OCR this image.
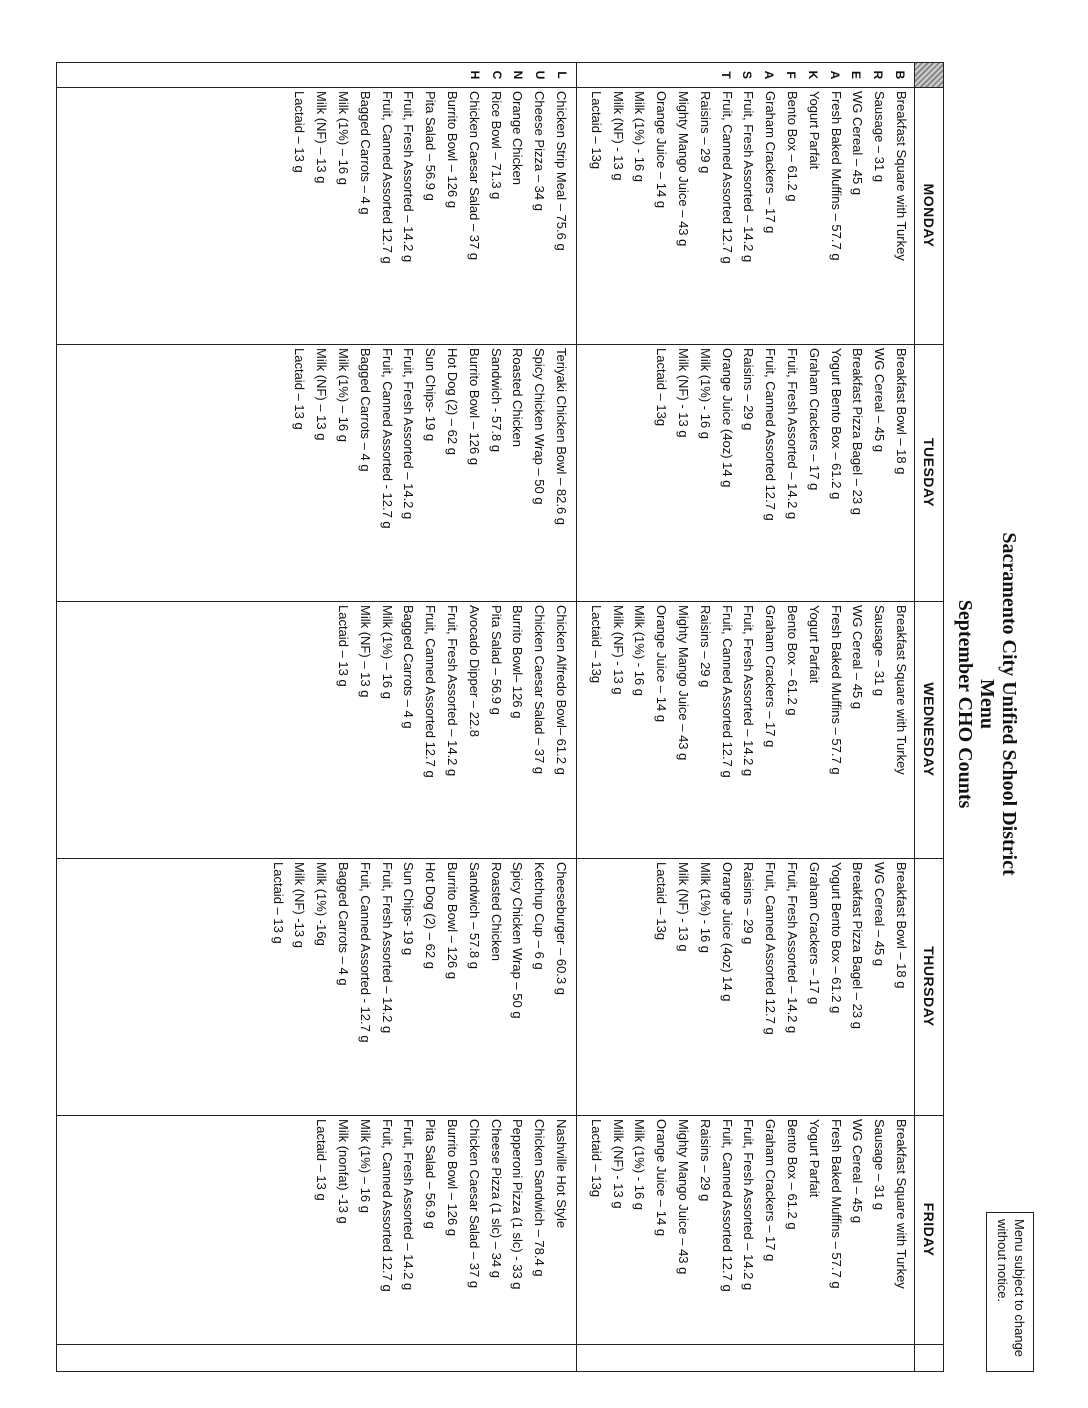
Sacramento City Unified School District
Menu
September CHO Counts
Menu subject to change without notice.
B
R
E
A
K
F
A
S
T
L
U
N
C
H
MONDAY
Breakfast Square with Turkey
Sausage – 31 g
WG Cereal – 45 g
Fresh Baked Muffins – 57.7 g
Yogurt Parfait
Bento Box – 61.2 g
Graham Crackers – 17 g
Fruit, Fresh Assorted – 14.2 g
Fruit, Canned Assorted 12.7 g
Raisins – 29 g
Mighty Mango Juice – 43 g
Orange Juice – 14 g
Milk (1%) - 16 g
Milk (NF) - 13 g
Lactaid – 13g
Chicken Strip Meal – 75.6 g
Cheese Pizza – 34 g
Orange Chicken
Rice Bowl – 71.3 g
Chicken Caesar Salad – 37 g
Burrito Bowl – 126 g
Pita Salad – 56.9 g
Fruit, Fresh Assorted – 14.2 g
Fruit, Canned Assorted 12.7 g
Bagged Carrots – 4 g
Milk (1%) – 16 g
Milk (NF) – 13 g
Lactaid – 13 g
TUESDAY
Breakfast Bowl – 18 g
WG Cereal – 45 g
Breakfast Pizza Bagel – 23 g
Yogurt Bento Box – 61.2 g
Graham Crackers – 17 g
Fruit, Fresh Assorted – 14.2 g
Fruit, Canned Assorted 12.7 g
Raisins – 29 g
Orange Juice (4oz) 14 g
Milk (1%) - 16 g
Milk (NF) - 13 g
Lactaid – 13g
Teriyaki Chicken Bowl – 82.6 g
Spicy Chicken Wrap – 50 g
Roasted Chicken
Sandwich - 57.8 g
Burrito Bowl – 126 g
Hot Dog (2) – 62 g
Sun Chips- 19 g
Fruit, Fresh Assorted – 14.2 g
Fruit, Canned Assorted - 12.7 g
Bagged Carrots – 4 g
Milk (1%) – 16 g
Milk (NF) – 13 g
Lactaid – 13 g
WEDNESDAY
Breakfast Square with Turkey
Sausage – 31 g
WG Cereal – 45 g
Fresh Baked Muffins – 57.7 g
Yogurt Parfait
Bento Box – 61.2 g
Graham Crackers – 17 g
Fruit, Fresh Assorted – 14.2 g
Fruit, Canned Assorted 12.7 g
Raisins – 29 g
Mighty Mango Juice – 43 g
Orange Juice – 14 g
Milk (1%) - 16 g
Milk (NF) - 13 g
Lactaid – 13g
Chicken Alfredo Bowl– 61.2 g
Chicken Caesar Salad – 37 g
Burrito Bowl– 126 g
Pita Salad – 56.9 g
Avocado Dipper – 22.8
Fruit, Fresh Assorted – 14.2 g
Fruit, Canned Assorted 12.7 g
Bagged Carrots – 4 g
Milk (1%) – 16 g
Milk (NF) – 13 g
Lactaid – 13 g
THURSDAY
Breakfast Bowl – 18 g
WG Cereal – 45 g
Breakfast Pizza Bagel – 23 g
Yogurt Bento Box – 61.2 g
Graham Crackers – 17 g
Fruit, Fresh Assorted – 14.2 g
Fruit, Canned Assorted 12.7 g
Raisins – 29 g
Orange Juice (4oz) 14 g
Milk (1%) - 16 g
Milk (NF) - 13 g
Lactaid – 13g
Cheeseburger – 60.3 g
Ketchup Cup – 6 g
Spicy Chicken Wrap – 50 g
Roasted Chicken
Sandwich – 57.8 g
Burrito Bowl – 126 g
Hot Dog (2) – 62 g
Sun Chips- 19 g
Fruit, Fresh Assorted – 14.2 g
Fruit, Canned Assorted - 12.7 g
Bagged Carrots – 4 g
Milk (1%) -16g
Milk (NF) -13 g
Lactaid – 13 g
FRIDAY
Breakfast Square with Turkey
Sausage – 31 g
WG Cereal – 45 g
Fresh Baked Muffins – 57.7 g
Yogurt Parfait
Bento Box – 61.2 g
Graham Crackers – 17 g
Fruit, Fresh Assorted – 14.2 g
Fruit, Canned Assorted 12.7 g
Raisins – 29 g
Mighty Mango Juice – 43 g
Orange Juice – 14 g
Milk (1%) - 16 g
Milk (NF) - 13 g
Lactaid – 13g
Nashville Hot Style
Chicken Sandwich – 78.4 g
Pepperoni Pizza (1 slc) - 33 g
Cheese Pizza (1 slc) – 34 g
Chicken Caesar Salad – 37 g
Burrito Bowl – 126 g
Pita Salad – 56.9 g
Fruit, Fresh Assorted – 14.2 g
Fruit, Canned Assorted 12.7 g
Milk (1%) – 16 g
Milk (nonfat) -13 g
Lactaid – 13 g
